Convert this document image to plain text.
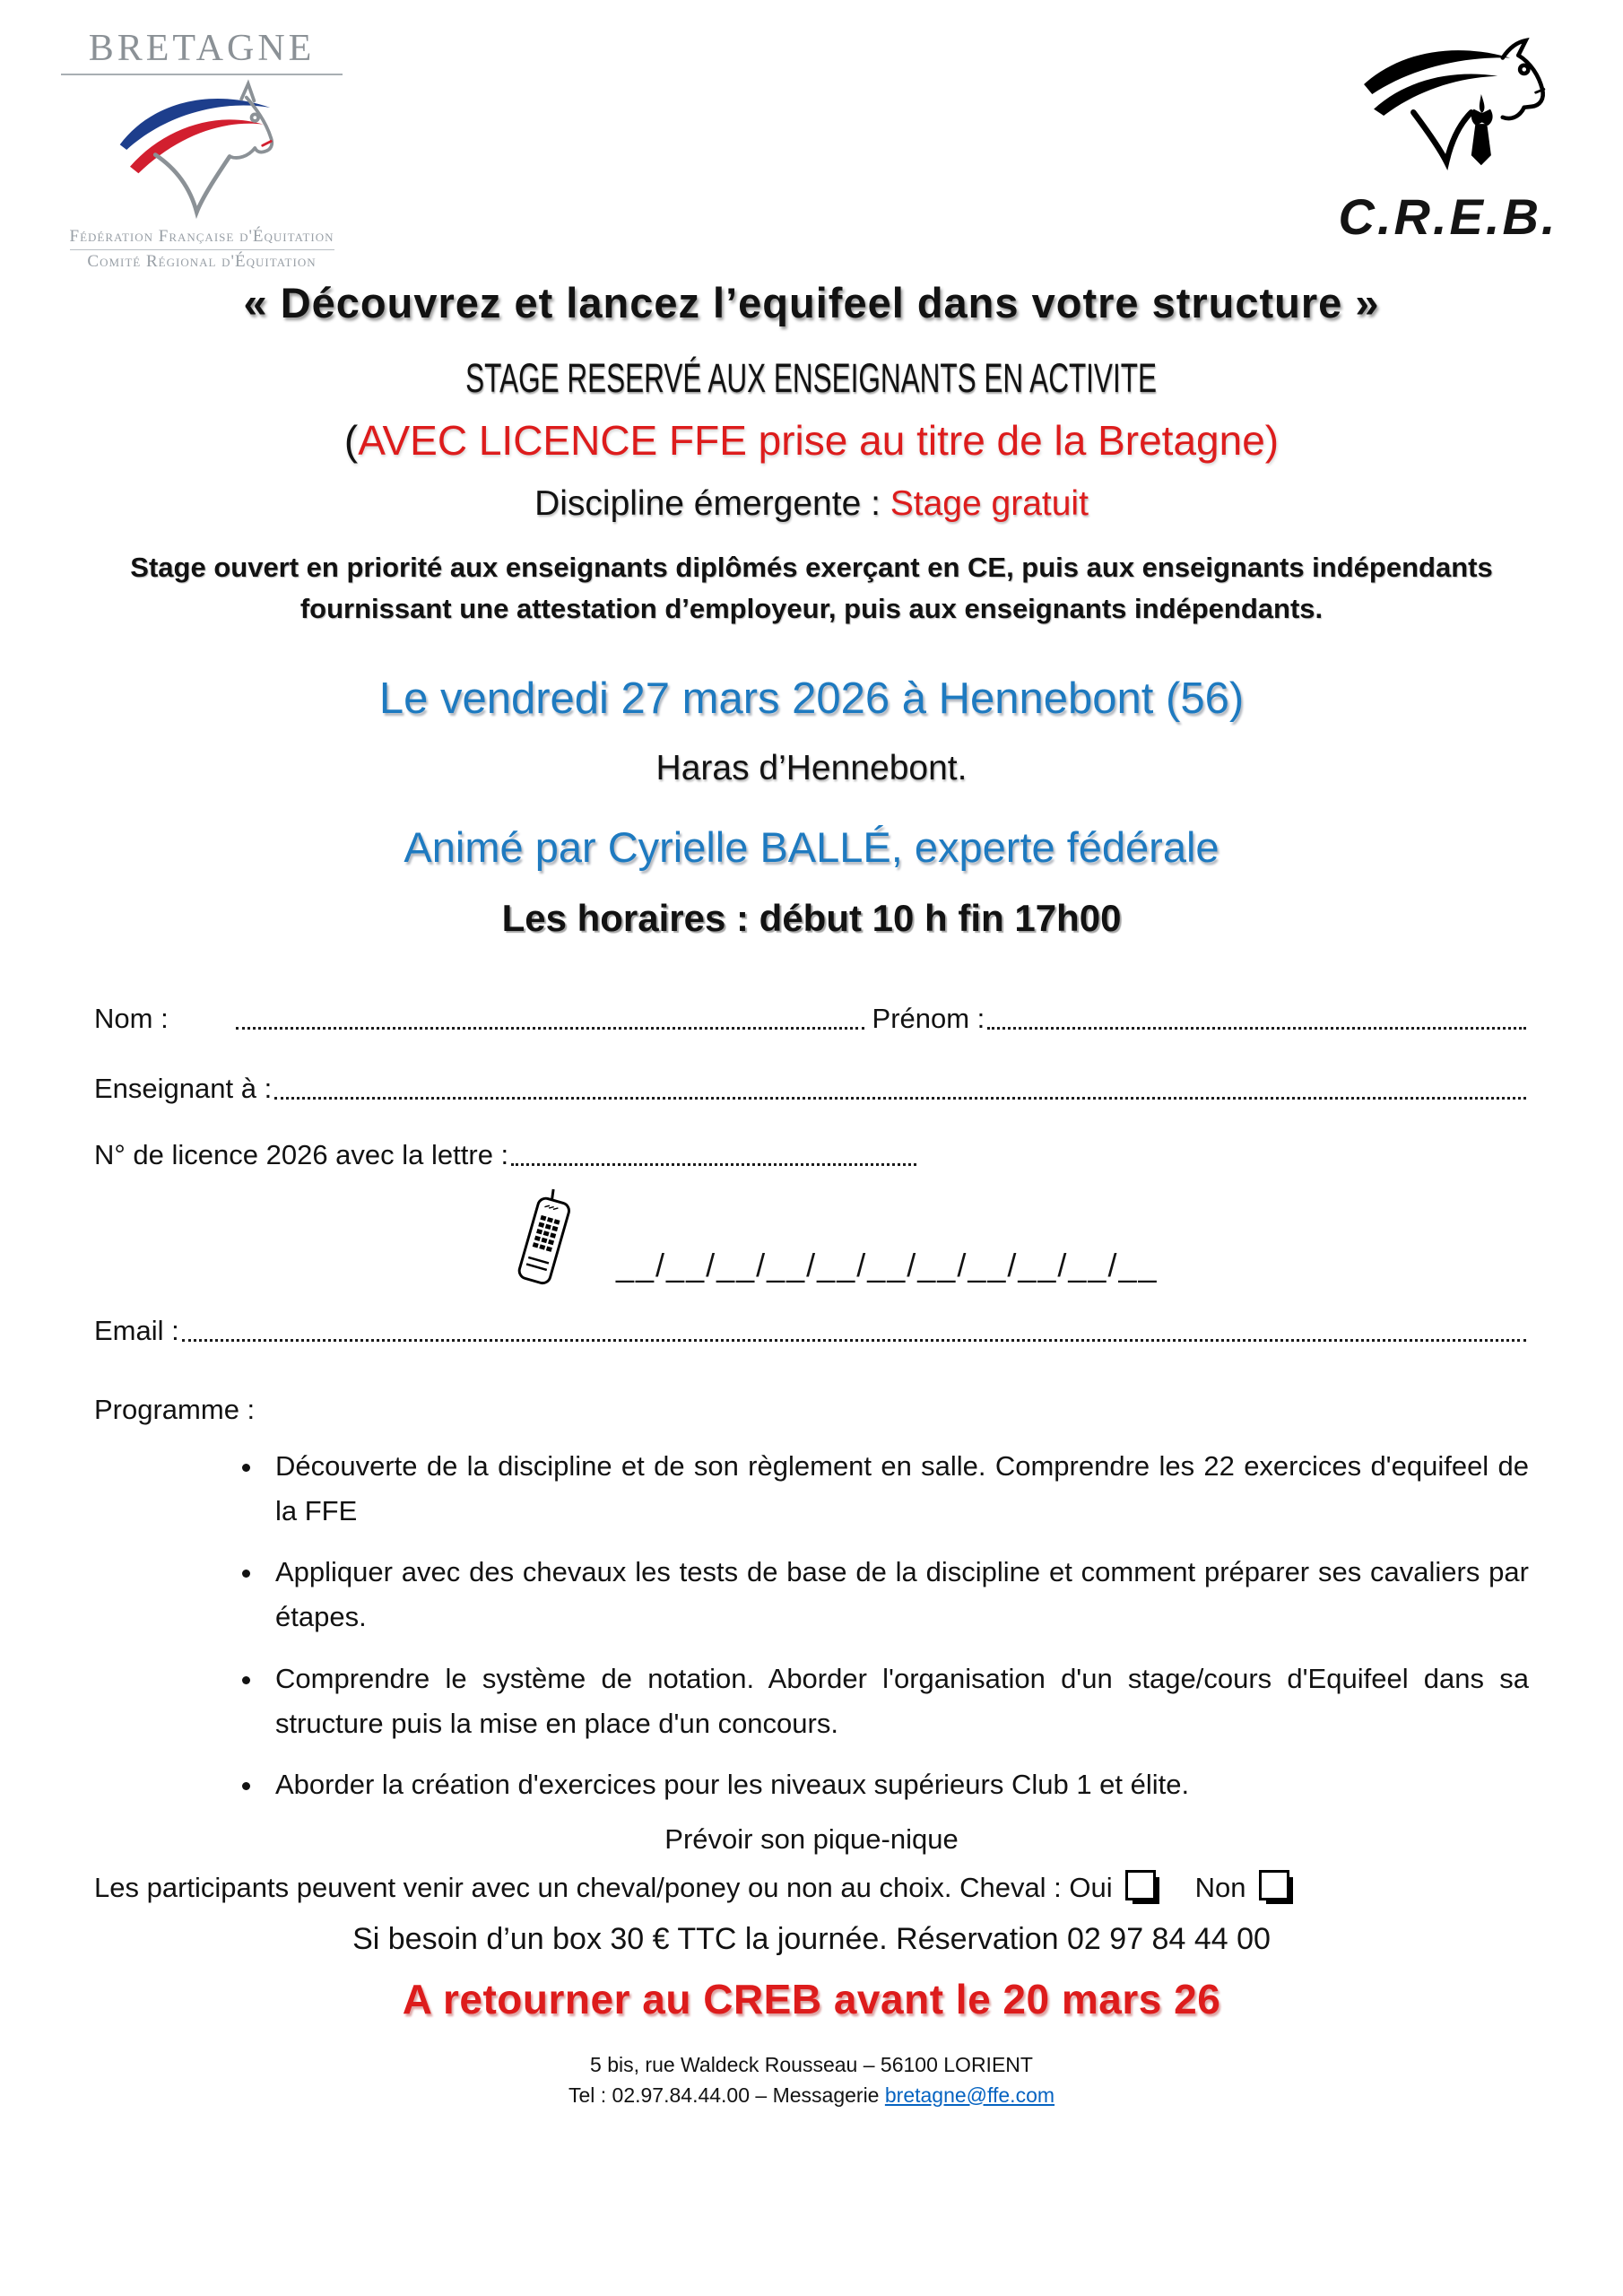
BRETAGNE
Fédération Française d'Équitation
Comité Régional d'Équitation
C.R.E.B.
« Découvrez et lancez l’equifeel dans votre structure »
STAGE RESERVÉ AUX ENSEIGNANTS EN ACTIVITE
(AVEC LICENCE FFE prise au titre de la Bretagne)
Discipline émergente : Stage gratuit
Stage ouvert en priorité aux enseignants diplômés exerçant en CE, puis aux enseignants indépendants fournissant une attestation d’employeur, puis aux enseignants indépendants.
Le vendredi 27 mars 2026 à Hennebont (56)
Haras d’Hennebont.
Animé par Cyrielle BALLÉ, experte fédérale
Les horaires : début 10 h fin 17h00
Nom :	Prénom :
Enseignant à :
N° de licence 2026 avec la lettre :
__/__/__/__/__/__/__/__/__/__/__
Email :
Programme :
• Découverte de la discipline et de son règlement en salle. Comprendre les 22 exercices d'equifeel de la FFE
• Appliquer avec des chevaux les tests de base de la discipline et comment préparer ses cavaliers par étapes.
• Comprendre le système de notation. Aborder l'organisation d'un stage/cours d'Equifeel dans sa structure puis la mise en place d'un concours.
• Aborder la création d'exercices pour les niveaux supérieurs Club 1 et élite.
Prévoir son pique-nique
Les participants peuvent venir avec un cheval/poney ou non au choix. Cheval : Oui	Non
Si besoin d’un box 30 € TTC la journée. Réservation 02 97 84 44 00
A retourner au CREB avant le 20 mars 26
5 bis, rue Waldeck Rousseau – 56100 LORIENT
Tel : 02.97.84.44.00 – Messagerie bretagne@ffe.com
